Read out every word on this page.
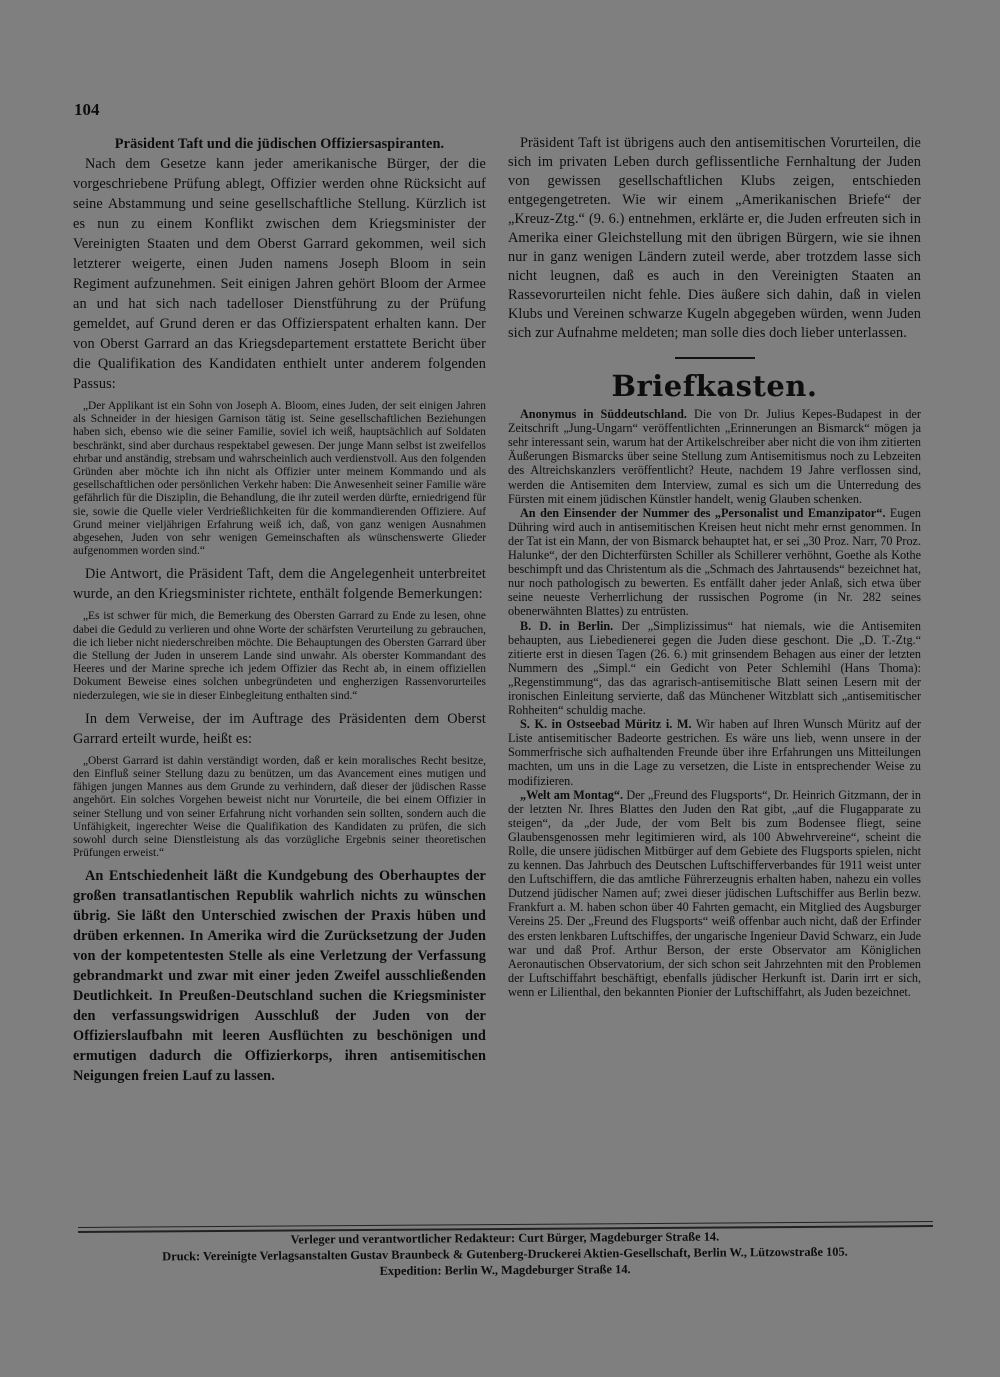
104

Präsident Taft und die jüdischen Offiziersaspiranten.

Nach dem Gesetze kann jeder amerikanische Bürger, der die vorgeschriebene Prüfung ablegt, Offizier werden ohne Rücksicht auf seine Abstammung und seine gesellschaftliche Stellung. Kürzlich ist es nun zu einem Konflikt zwischen dem Kriegsminister der Vereinigten Staaten und dem Oberst Garrard gekommen, weil sich letzterer weigerte, einen Juden namens Joseph Bloom in sein Regiment aufzunehmen. Seit einigen Jahren gehört Bloom der Armee an und hat sich nach tadelloser Dienstführung zu der Prüfung gemeldet, auf Grund deren er das Offizierspatent erhalten kann. Der von Oberst Garrard an das Kriegsdepartement erstattete Bericht über die Qualifikation des Kandidaten enthielt unter anderem folgenden Passus:

„Der Applikant ist ein Sohn von Joseph A. Bloom, eines Juden, der seit einigen Jahren als Schneider in der hiesigen Garnison tätig ist. Seine gesellschaftlichen Beziehungen haben sich, ebenso wie die seiner Familie, soviel ich weiß, hauptsächlich auf Soldaten beschränkt, sind aber durchaus respektabel gewesen. Der junge Mann selbst ist zweifellos ehrbar und anständig, strebsam und wahrscheinlich auch verdienstvoll. Aus den folgenden Gründen aber möchte ich ihn nicht als Offizier unter meinem Kommando und als gesellschaftlichen oder persönlichen Verkehr haben: Die Anwesenheit seiner Familie wäre gefährlich für die Disziplin, die Behandlung, die ihr zuteil werden dürfte, erniedrigend für sie, sowie die Quelle vieler Verdrießlichkeiten für die kommandierenden Offiziere. Auf Grund meiner vieljährigen Erfahrung weiß ich, daß, von ganz wenigen Ausnahmen abgesehen, Juden von sehr wenigen Gemeinschaften als wünschenswerte Glieder aufgenommen worden sind.“

Die Antwort, die Präsident Taft, dem die Angelegenheit unterbreitet wurde, an den Kriegsminister richtete, enthält folgende Bemerkungen:

„Es ist schwer für mich, die Bemerkung des Obersten Garrard zu Ende zu lesen, ohne dabei die Geduld zu verlieren und ohne Worte der schärfsten Verurteilung zu gebrauchen, die ich lieber nicht niederschreiben möchte. Die Behauptungen des Obersten Garrard über die Stellung der Juden in unserem Lande sind unwahr. Als oberster Kommandant des Heeres und der Marine spreche ich jedem Offizier das Recht ab, in einem offiziellen Dokument Beweise eines solchen unbegründeten und engherzigen Rassenvorurteiles niederzulegen, wie sie in dieser Einbegleitung enthalten sind.“

In dem Verweise, der im Auftrage des Präsidenten dem Oberst Garrard erteilt wurde, heißt es:

„Oberst Garrard ist dahin verständigt worden, daß er kein moralisches Recht besitze, den Einfluß seiner Stellung dazu zu benützen, um das Avancement eines mutigen und fähigen jungen Mannes aus dem Grunde zu verhindern, daß dieser der jüdischen Rasse angehört. Ein solches Vorgehen beweist nicht nur Vorurteile, die bei einem Offizier in seiner Stellung und von seiner Erfahrung nicht vorhanden sein sollten, sondern auch die Unfähigkeit, ingerechter Weise die Qualifikation des Kandidaten zu prüfen, die sich sowohl durch seine Dienstleistung als das vorzügliche Ergebnis seiner theoretischen Prüfungen erweist.“

An Entschiedenheit läßt die Kundgebung des Oberhauptes der großen transatlantischen Republik wahrlich nichts zu wünschen übrig. Sie läßt den Unterschied zwischen der Praxis hüben und drüben erkennen. In Amerika wird die Zurücksetzung der Juden von der kompetentesten Stelle als eine Verletzung der Verfassung gebrandmarkt und zwar mit einer jeden Zweifel ausschließenden Deutlichkeit. In Preußen-Deutschland suchen die Kriegsminister den verfassungswidrigen Ausschluß der Juden von der Offizierslaufbahn mit leeren Ausflüchten zu beschönigen und ermutigen dadurch die Offizierkorps, ihren antisemitischen Neigungen freien Lauf zu lassen.

Präsident Taft ist übrigens auch den antisemitischen Vorurteilen, die sich im privaten Leben durch geflissentliche Fernhaltung der Juden von gewissen gesellschaftlichen Klubs zeigen, entschieden entgegengetreten. Wie wir einem „Amerikanischen Briefe“ der „Kreuz-Ztg.“ (9. 6.) entnehmen, erklärte er, die Juden erfreuten sich in Amerika einer Gleichstellung mit den übrigen Bürgern, wie sie ihnen nur in ganz wenigen Ländern zuteil werde, aber trotzdem lasse sich nicht leugnen, daß es auch in den Vereinigten Staaten an Rassevorurteilen nicht fehle. Dies äußere sich dahin, daß in vielen Klubs und Vereinen schwarze Kugeln abgegeben würden, wenn Juden sich zur Aufnahme meldeten; man solle dies doch lieber unterlassen.

Briefkasten.

Anonymus in Süddeutschland. Die von Dr. Julius Kepes-Budapest in der Zeitschrift „Jung-Ungarn“ veröffentlichten „Erinnerungen an Bismarck“ mögen ja sehr interessant sein, warum hat der Artikelschreiber aber nicht die von ihm zitierten Äußerungen Bismarcks über seine Stellung zum Antisemitismus noch zu Lebzeiten des Altreichskanzlers veröffentlicht? Heute, nachdem 19 Jahre verflossen sind, werden die Antisemiten dem Interview, zumal es sich um die Unterredung des Fürsten mit einem jüdischen Künstler handelt, wenig Glauben schenken.

An den Einsender der Nummer des „Personalist und Emanzipator“. Eugen Dühring wird auch in antisemitischen Kreisen heut nicht mehr ernst genommen. In der Tat ist ein Mann, der von Bismarck behauptet hat, er sei „30 Proz. Narr, 70 Proz. Halunke“, der den Dichterfürsten Schiller als Schillerer verhöhnt, Goethe als Kothe beschimpft und das Christentum als die „Schmach des Jahrtausends“ bezeichnet hat, nur noch pathologisch zu bewerten. Es entfällt daher jeder Anlaß, sich etwa über seine neueste Verherrlichung der russischen Pogrome (in Nr. 282 seines obenerwähnten Blattes) zu entrüsten.

B. D. in Berlin. Der „Simplizissimus“ hat niemals, wie die Antisemiten behaupten, aus Liebedienerei gegen die Juden diese geschont. Die „D. T.-Ztg.“ zitierte erst in diesen Tagen (26. 6.) mit grinsendem Behagen aus einer der letzten Nummern des „Simpl.“ ein Gedicht von Peter Schlemihl (Hans Thoma): „Regenstimmung“, das das agrarisch-antisemitische Blatt seinen Lesern mit der ironischen Einleitung servierte, daß das Münchener Witzblatt sich „antisemitischer Rohheiten“ schuldig mache.

S. K. in Ostseebad Müritz i. M. Wir haben auf Ihren Wunsch Müritz auf der Liste antisemitischer Badeorte gestrichen. Es wäre uns lieb, wenn unsere in der Sommerfrische sich aufhaltenden Freunde über ihre Erfahrungen uns Mitteilungen machten, um uns in die Lage zu versetzen, die Liste in entsprechender Weise zu modifizieren.

„Welt am Montag“. Der „Freund des Flugsports“, Dr. Heinrich Gitzmann, der in der letzten Nr. Ihres Blattes den Juden den Rat gibt, „auf die Flugapparate zu steigen“, da „der Jude, der vom Belt bis zum Bodensee fliegt, seine Glaubensgenossen mehr legitimieren wird, als 100 Abwehrvereine“, scheint die Rolle, die unsere jüdischen Mitbürger auf dem Gebiete des Flugsports spielen, nicht zu kennen. Das Jahrbuch des Deutschen Luftschifferverbandes für 1911 weist unter den Luftschiffern, die das amtliche Führerzeugnis erhalten haben, nahezu ein volles Dutzend jüdischer Namen auf; zwei dieser jüdischen Luftschiffer aus Berlin bezw. Frankfurt a. M. haben schon über 40 Fahrten gemacht, ein Mitglied des Augsburger Vereins 25. Der „Freund des Flugsports“ weiß offenbar auch nicht, daß der Erfinder des ersten lenkbaren Luftschiffes, der ungarische Ingenieur David Schwarz, ein Jude war und daß Prof. Arthur Berson, der erste Observator am Königlichen Aeronautischen Observatorium, der sich schon seit Jahrzehnten mit den Problemen der Luftschiffahrt beschäftigt, ebenfalls jüdischer Herkunft ist. Darin irrt er sich, wenn er Lilienthal, den bekannten Pionier der Luftschiffahrt, als Juden bezeichnet.

Verleger und verantwortlicher Redakteur: Curt Bürger, Magdeburger Straße 14.
Druck: Vereinigte Verlagsanstalten Gustav Braunbeck & Gutenberg-Druckerei Aktien-Gesellschaft, Berlin W., Lützowstraße 105.
Expedition: Berlin W., Magdeburger Straße 14.
